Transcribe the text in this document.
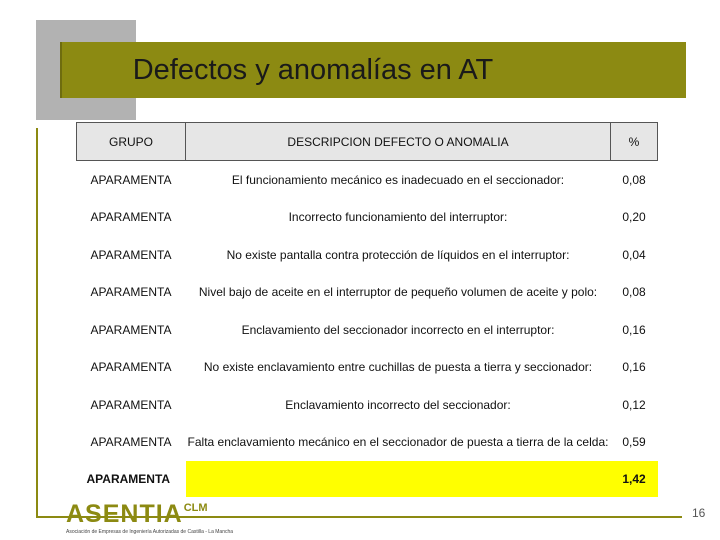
Defectos y anomalías en AT
GRUPO	DESCRIPCION DEFECTO O ANOMALIA	%
APARAMENTA	El funcionamiento mecánico es inadecuado en el seccionador:	0,08
APARAMENTA	Incorrecto funcionamiento del interruptor:	0,20
APARAMENTA	No existe pantalla contra protección de líquidos en el interruptor:	0,04
APARAMENTA	Nivel bajo de aceite en el interruptor de pequeño volumen de aceite y polo:	0,08
APARAMENTA	Enclavamiento del seccionador incorrecto en el interruptor:	0,16
APARAMENTA	No existe enclavamiento entre cuchillas de puesta a tierra y seccionador:	0,16
APARAMENTA	Enclavamiento incorrecto del seccionador:	0,12
APARAMENTA	Falta enclavamiento mecánico en el seccionador de puesta a tierra de la celda:	0,59
APARAMENTA		1,42
$ASENTIA^{CLM}$
Asociación de Empresas de Ingeniería Autorizadas de Castilla - La Mancha
16
